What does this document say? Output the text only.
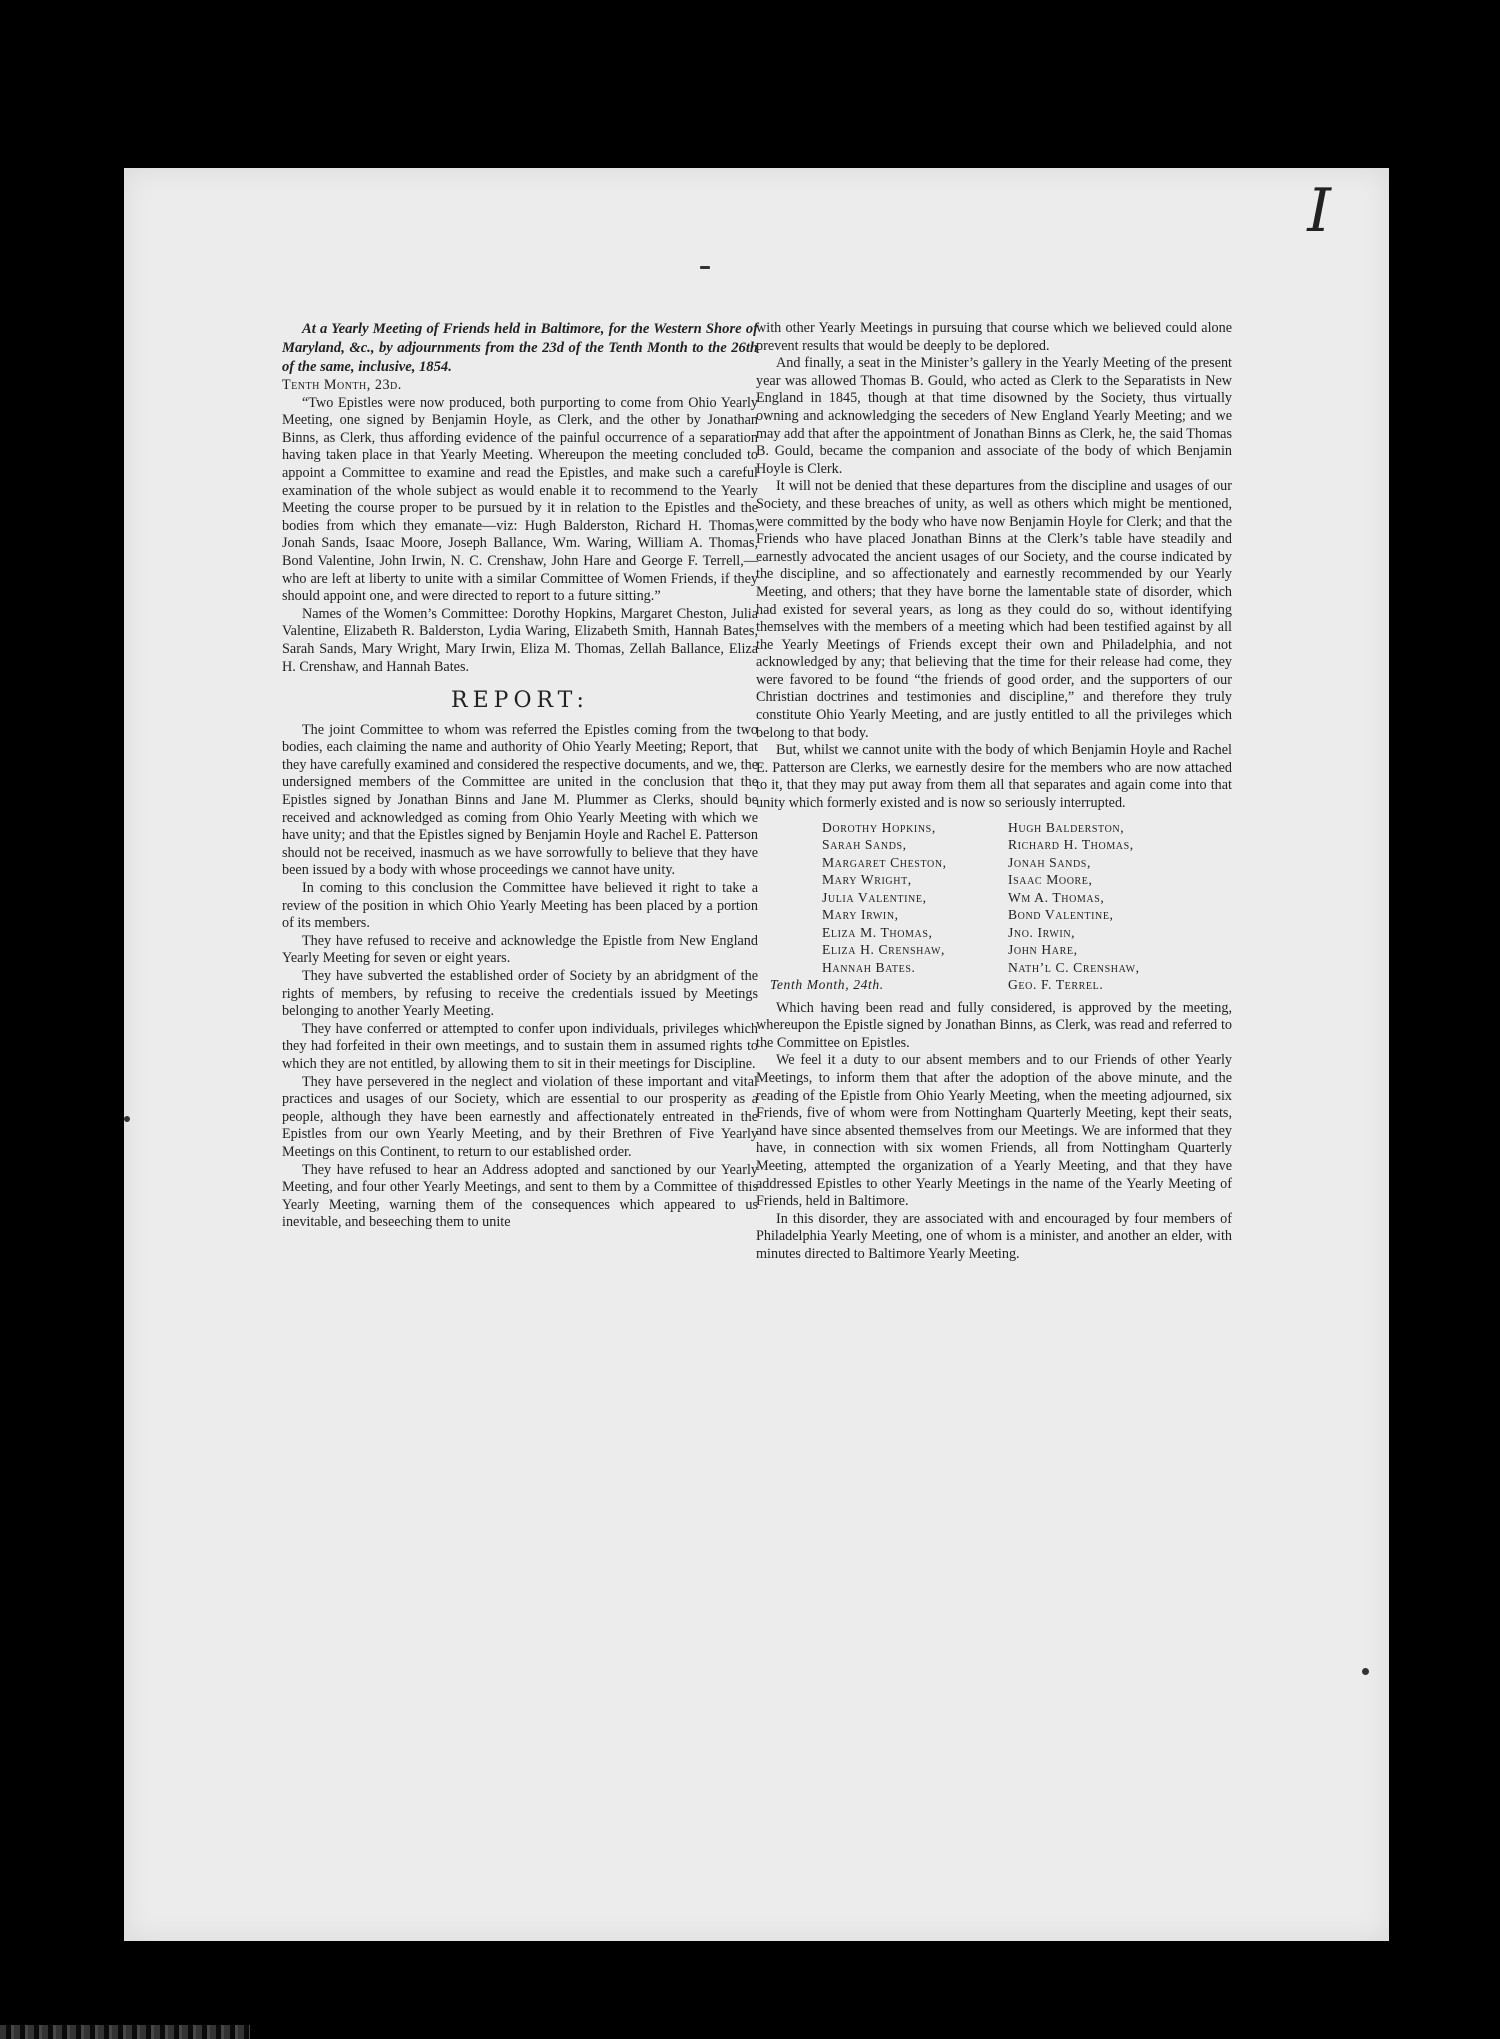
I

At a Yearly Meeting of Friends held in Baltimore, for the Western Shore of Maryland, &c., by adjournments from the 23d of the Tenth Month to the 26th of the same, inclusive, 1854.

Tenth Month, 23d.

“Two Epistles were now produced, both purporting to come from Ohio Yearly Meeting, one signed by Benjamin Hoyle, as Clerk, and the other by Jonathan Binns, as Clerk, thus affording evidence of the painful occurrence of a separation having taken place in that Yearly Meeting. Whereupon the meeting concluded to appoint a Committee to examine and read the Epistles, and make such a careful examination of the whole subject as would enable it to recommend to the Yearly Meeting the course proper to be pursued by it in relation to the Epistles and the bodies from which they emanate—viz: Hugh Balderston, Richard H. Thomas, Jonah Sands, Isaac Moore, Joseph Ballance, Wm. Waring, William A. Thomas, Bond Valentine, John Irwin, N. C. Crenshaw, John Hare and George F. Terrell,—who are left at liberty to unite with a similar Committee of Women Friends, if they should appoint one, and were directed to report to a future sitting.”

Names of the Women’s Committee: Dorothy Hopkins, Margaret Cheston, Julia Valentine, Elizabeth R. Balderston, Lydia Waring, Elizabeth Smith, Hannah Bates, Sarah Sands, Mary Wright, Mary Irwin, Eliza M. Thomas, Zellah Ballance, Eliza H. Crenshaw, and Hannah Bates.

REPORT:

The joint Committee to whom was referred the Epistles coming from the two bodies, each claiming the name and authority of Ohio Yearly Meeting; Report, that they have carefully examined and considered the respective documents, and we, the undersigned members of the Committee are united in the conclusion that the Epistles signed by Jonathan Binns and Jane M. Plummer as Clerks, should be received and acknowledged as coming from Ohio Yearly Meeting with which we have unity; and that the Epistles signed by Benjamin Hoyle and Rachel E. Patterson should not be received, inasmuch as we have sorrowfully to believe that they have been issued by a body with whose proceedings we cannot have unity.

In coming to this conclusion the Committee have believed it right to take a review of the position in which Ohio Yearly Meeting has been placed by a portion of its members.

They have refused to receive and acknowledge the Epistle from New England Yearly Meeting for seven or eight years.

They have subverted the established order of Society by an abridgment of the rights of members, by refusing to receive the credentials issued by Meetings belonging to another Yearly Meeting.

They have conferred or attempted to confer upon individuals, privileges which they had forfeited in their own meetings, and to sustain them in assumed rights to which they are not entitled, by allowing them to sit in their meetings for Discipline.

They have persevered in the neglect and violation of these important and vital practices and usages of our Society, which are essential to our prosperity as a people, although they have been earnestly and affectionately entreated in the Epistles from our own Yearly Meeting, and by their Brethren of Five Yearly Meetings on this Continent, to return to our established order.

They have refused to hear an Address adopted and sanctioned by our Yearly Meeting, and four other Yearly Meetings, and sent to them by a Committee of this Yearly Meeting, warning them of the consequences which appeared to us inevitable, and beseeching them to unite

with other Yearly Meetings in pursuing that course which we believed could alone prevent results that would be deeply to be deplored.

And finally, a seat in the Minister’s gallery in the Yearly Meeting of the present year was allowed Thomas B. Gould, who acted as Clerk to the Separatists in New England in 1845, though at that time disowned by the Society, thus virtually owning and acknowledging the seceders of New England Yearly Meeting; and we may add that after the appointment of Jonathan Binns as Clerk, he, the said Thomas B. Gould, became the companion and associate of the body of which Benjamin Hoyle is Clerk.

It will not be denied that these departures from the discipline and usages of our Society, and these breaches of unity, as well as others which might be mentioned, were committed by the body who have now Benjamin Hoyle for Clerk; and that the Friends who have placed Jonathan Binns at the Clerk’s table have steadily and earnestly advocated the ancient usages of our Society, and the course indicated by the discipline, and so affectionately and earnestly recommended by our Yearly Meeting, and others; that they have borne the lamentable state of disorder, which had existed for several years, as long as they could do so, without identifying themselves with the members of a meeting which had been testified against by all the Yearly Meetings of Friends except their own and Philadelphia, and not acknowledged by any; that believing that the time for their release had come, they were favored to be found “the friends of good order, and the supporters of our Christian doctrines and testimonies and discipline,” and therefore they truly constitute Ohio Yearly Meeting, and are justly entitled to all the privileges which belong to that body.

But, whilst we cannot unite with the body of which Benjamin Hoyle and Rachel E. Patterson are Clerks, we earnestly desire for the members who are now attached to it, that they may put away from them all that separates and again come into that unity which formerly existed and is now so seriously interrupted.

Dorothy Hopkins,
Sarah Sands,
Margaret Cheston,
Mary Wright,
Julia Valentine,
Mary Irwin,
Eliza M. Thomas,
Eliza H. Crenshaw,
Hannah Bates.
Tenth Month, 24th.
Hugh Balderston,
Richard H. Thomas,
Jonah Sands,
Isaac Moore,
Wm A. Thomas,
Bond Valentine,
Jno. Irwin,
John Hare,
Nath’l C. Crenshaw,
Geo. F. Terrel.

Which having been read and fully considered, is approved by the meeting, whereupon the Epistle signed by Jonathan Binns, as Clerk, was read and referred to the Committee on Epistles.

We feel it a duty to our absent members and to our Friends of other Yearly Meetings, to inform them that after the adoption of the above minute, and the reading of the Epistle from Ohio Yearly Meeting, when the meeting adjourned, six Friends, five of whom were from Nottingham Quarterly Meeting, kept their seats, and have since absented themselves from our Meetings. We are informed that they have, in connection with six women Friends, all from Nottingham Quarterly Meeting, attempted the organization of a Yearly Meeting, and that they have addressed Epistles to other Yearly Meetings in the name of the Yearly Meeting of Friends, held in Baltimore.

In this disorder, they are associated with and encouraged by four members of Philadelphia Yearly Meeting, one of whom is a minister, and another an elder, with minutes directed to Baltimore Yearly Meeting.
